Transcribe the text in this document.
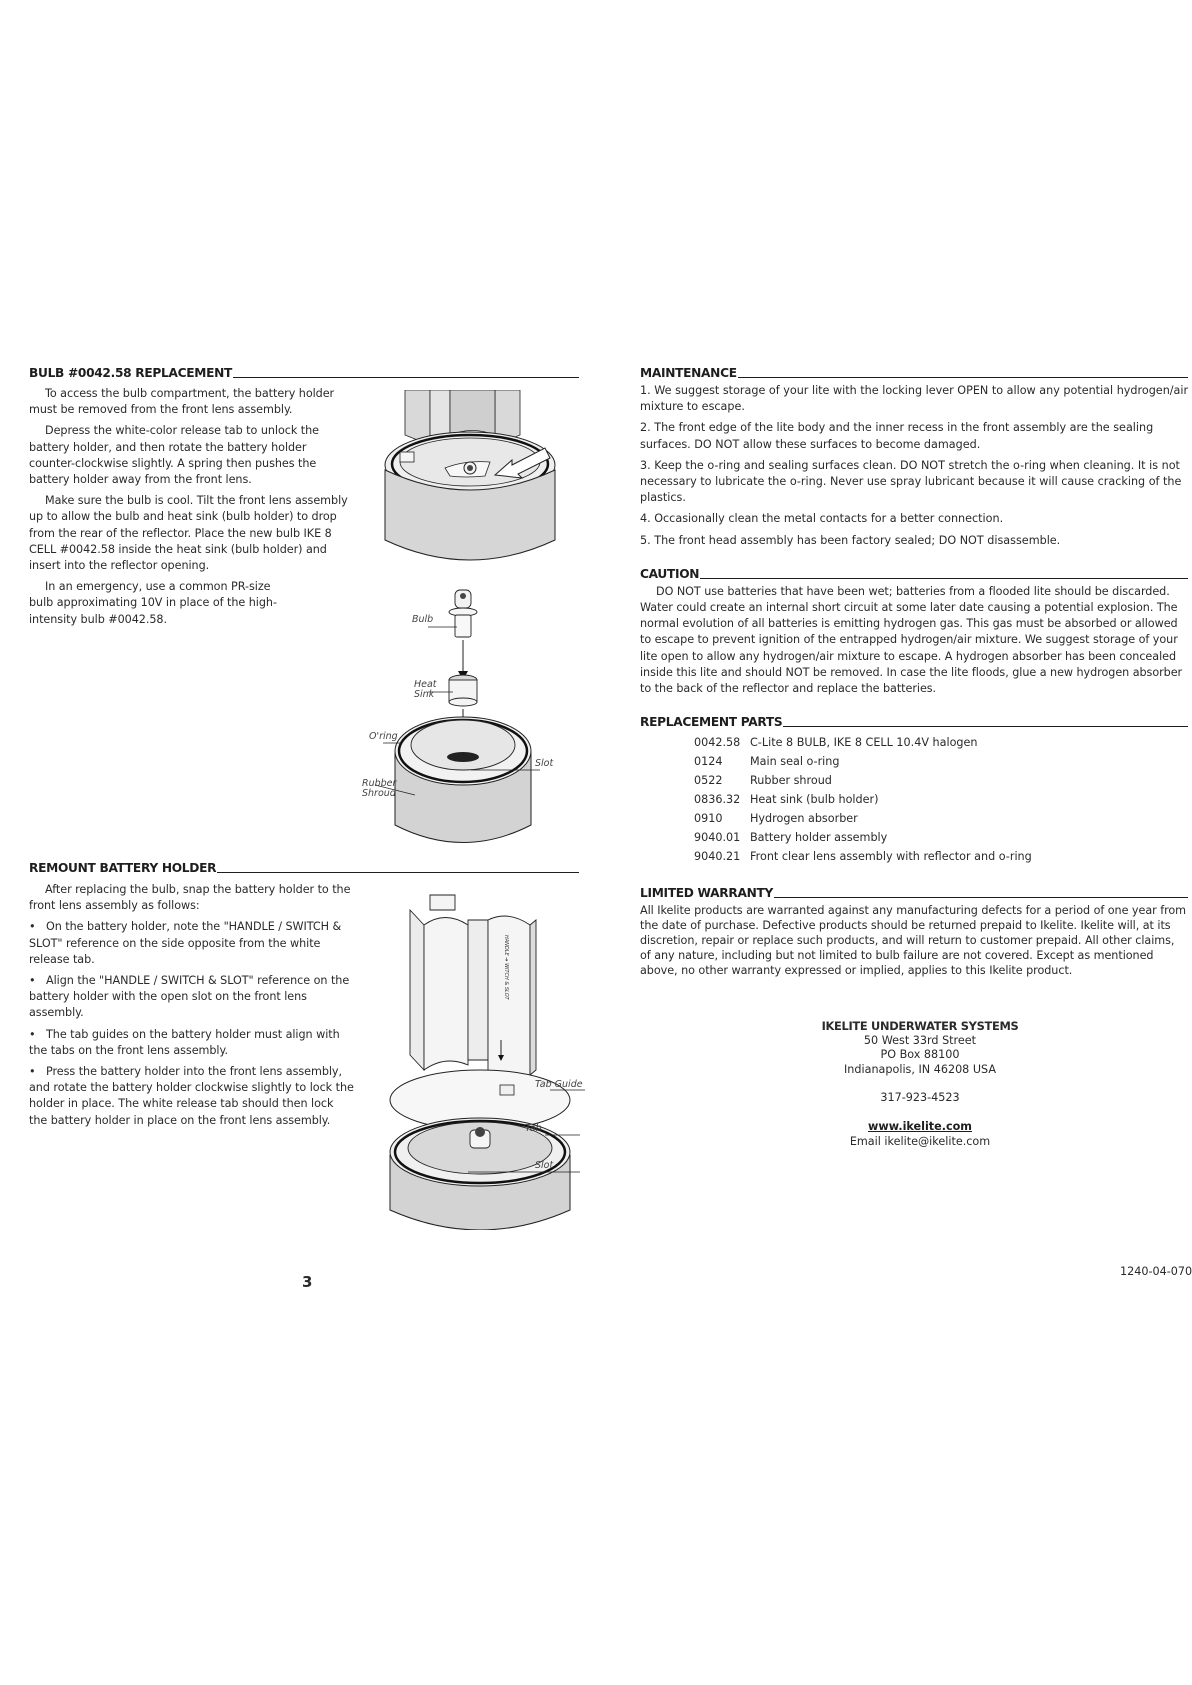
BULB #0042.58 REPLACEMENT

To access the bulb compartment, the battery holder must be removed from the front lens assembly.

Depress the white-color release tab to unlock the battery holder, and then rotate the battery holder counter-clockwise slightly. A spring then pushes the battery holder away from the front lens.

Make sure the bulb is cool. Tilt the front lens assembly up to allow the bulb and heat sink (bulb holder) to drop from the rear of the reflector. Place the new bulb IKE 8 CELL #0042.58 inside the heat sink (bulb holder) and insert into the reflector opening.

In an emergency, use a common PR-size bulb approximating 10V in place of the high-intensity bulb #0042.58.	Bulb
Heat
Sink
O'ring
Slot
Rubber
Shroud
REMOUNT BATTERY HOLDER

After replacing the bulb, snap the battery holder to the front lens assembly as follows:

• On the battery holder, note the "HANDLE / SWITCH & SLOT" reference on the side opposite from the white release tab.

• Align the "HANDLE / SWITCH & SLOT" reference on the battery holder with the open slot on the front lens assembly.

• The tab guides on the battery holder must align with the tabs on the front lens assembly.

• Press the battery holder into the front lens assembly, and rotate the battery holder clockwise slightly to lock the holder in place. The white release tab should then lock the battery holder in place on the front lens assembly.

HANDLE ➔ WITCH & SLOT
Tab Guide
Tab
Slot
3
MAINTENANCE

1. We suggest storage of your lite with the locking lever OPEN to allow any potential hydrogen/air mixture to escape.

2. The front edge of the lite body and the inner recess in the front assembly are the sealing surfaces. DO NOT allow these surfaces to become damaged.

3. Keep the o-ring and sealing surfaces clean. DO NOT stretch the o-ring when cleaning. It is not necessary to lubricate the o-ring. Never use spray lubricant because it will cause cracking of the plastics.

4. Occasionally clean the metal contacts for a better connection.

5. The front head assembly has been factory sealed; DO NOT disassemble.

CAUTION

DO NOT use batteries that have been wet; batteries from a flooded lite should be discarded. Water could create an internal short circuit at some later date causing a potential explosion. The normal evolution of all batteries is emitting hydrogen gas. This gas must be absorbed or allowed to escape to prevent ignition of the entrapped hydrogen/air mixture. We suggest storage of your lite open to allow any hydrogen/air mixture to escape. A hydrogen absorber has been concealed inside this lite and should NOT be removed. In case the lite floods, glue a new hydrogen absorber to the back of the reflector and replace the batteries.

REPLACEMENT PARTS
0042.58 C-Lite 8 BULB, IKE 8 CELL 10.4V halogen
0124	Main seal o-ring
0522	Rubber shroud
0836.32 Heat sink (bulb holder)
0910	Hydrogen absorber
9040.01 Battery holder assembly
9040.21 Front clear lens assembly with reflector and o-ring
LIMITED WARRANTY

All Ikelite products are warranted against any manufacturing defects for a period of one year from the date of purchase. Defective products should be returned prepaid to Ikelite. Ikelite will, at its discretion, repair or replace such products, and will return to customer prepaid. All other claims, of any nature, including but not limited to bulb failure are not covered. Except as mentioned above, no other warranty expressed or implied, applies to this Ikelite product.

IKELITE UNDERWATER SYSTEMS
50 West 33rd Street
PO Box 88100
Indianapolis, IN 46208 USA
317-923-4523
www.ikelite.com
Email ikelite@ikelite.com
1240-04-070
